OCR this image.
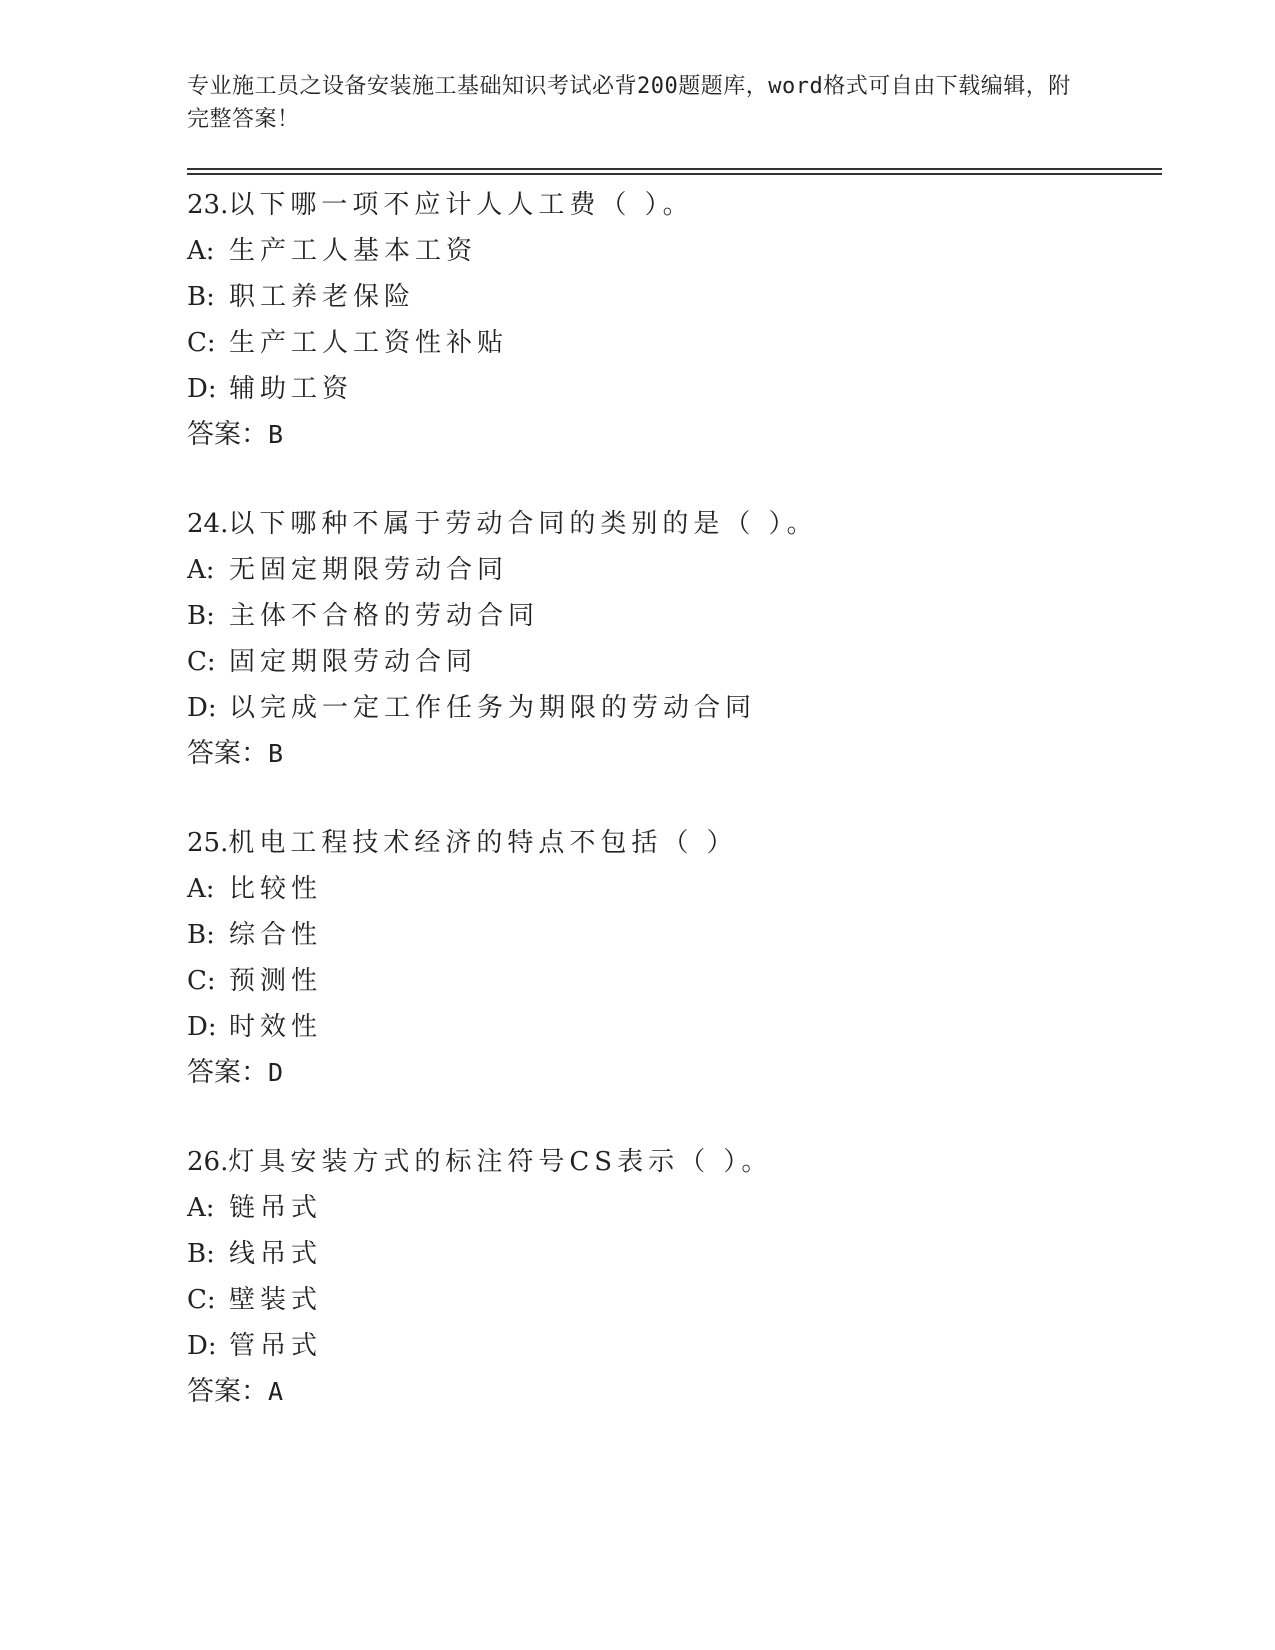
专业施工员之设备安装施工基础知识考试必背200题题库，word格式可自由下载编辑，附完整答案！
23.以下哪一项不应计人人工费（ ）。
A: 生产工人基本工资
B: 职工养老保险
C: 生产工人工资性补贴
D: 辅助工资
答案：B
24.以下哪种不属于劳动合同的类别的是（ ）。
A: 无固定期限劳动合同
B: 主体不合格的劳动合同
C: 固定期限劳动合同
D: 以完成一定工作任务为期限的劳动合同
答案：B
25.机电工程技术经济的特点不包括（ ）
A: 比较性
B: 综合性
C: 预测性
D: 时效性
答案：D
26.灯具安装方式的标注符号CS表示（ ）。
A: 链吊式
B: 线吊式
C: 壁装式
D: 管吊式
答案：A
